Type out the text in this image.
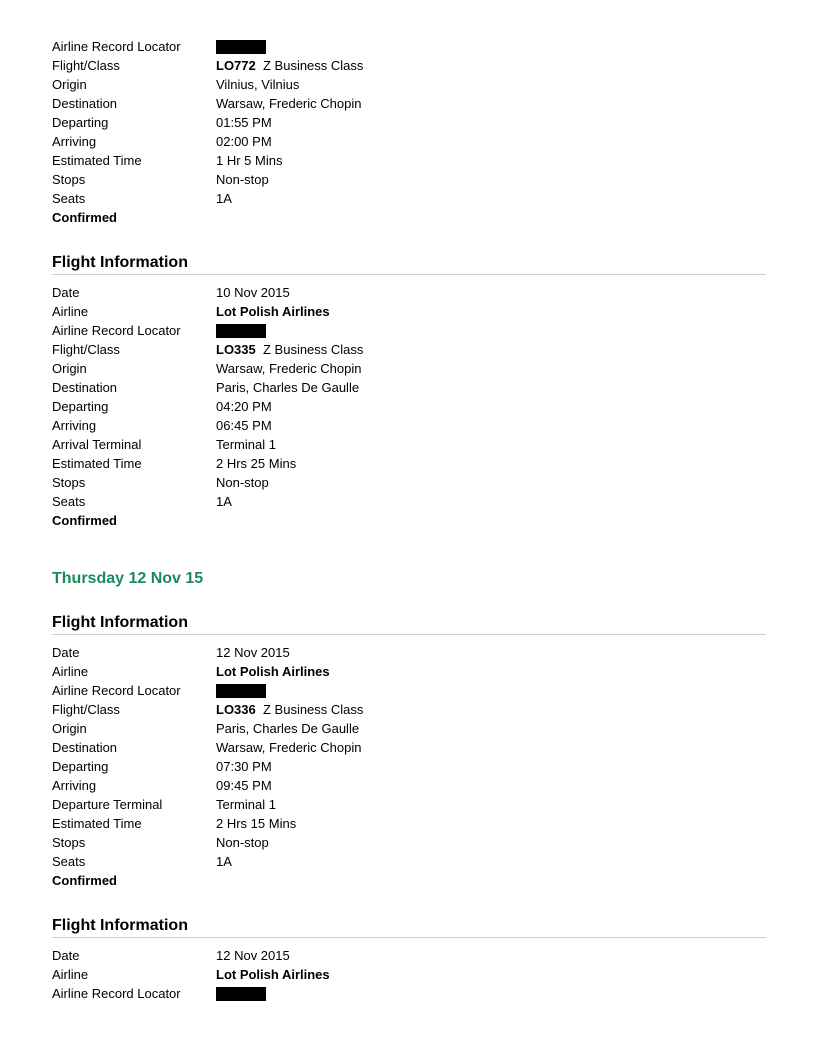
Airline Record Locator
Flight/Class	LO772  Z Business Class
Origin	Vilnius, Vilnius
Destination	Warsaw, Frederic Chopin
Departing	01:55 PM
Arriving	02:00 PM
Estimated Time	1 Hr 5 Mins
Stops	Non-stop
Seats	1A
Confirmed
Flight Information
Date	10 Nov 2015
Airline	Lot Polish Airlines
Airline Record Locator
Flight/Class	LO335  Z Business Class
Origin	Warsaw, Frederic Chopin
Destination	Paris, Charles De Gaulle
Departing	04:20 PM
Arriving	06:45 PM
Arrival Terminal	Terminal 1
Estimated Time	2 Hrs 25 Mins
Stops	Non-stop
Seats	1A
Confirmed
Thursday 12 Nov 15
Flight Information
Date	12 Nov 2015
Airline	Lot Polish Airlines
Airline Record Locator
Flight/Class	LO336  Z Business Class
Origin	Paris, Charles De Gaulle
Destination	Warsaw, Frederic Chopin
Departing	07:30 PM
Arriving	09:45 PM
Departure Terminal	Terminal 1
Estimated Time	2 Hrs 15 Mins
Stops	Non-stop
Seats	1A
Confirmed
Flight Information
Date	12 Nov 2015
Airline	Lot Polish Airlines
Airline Record Locator
